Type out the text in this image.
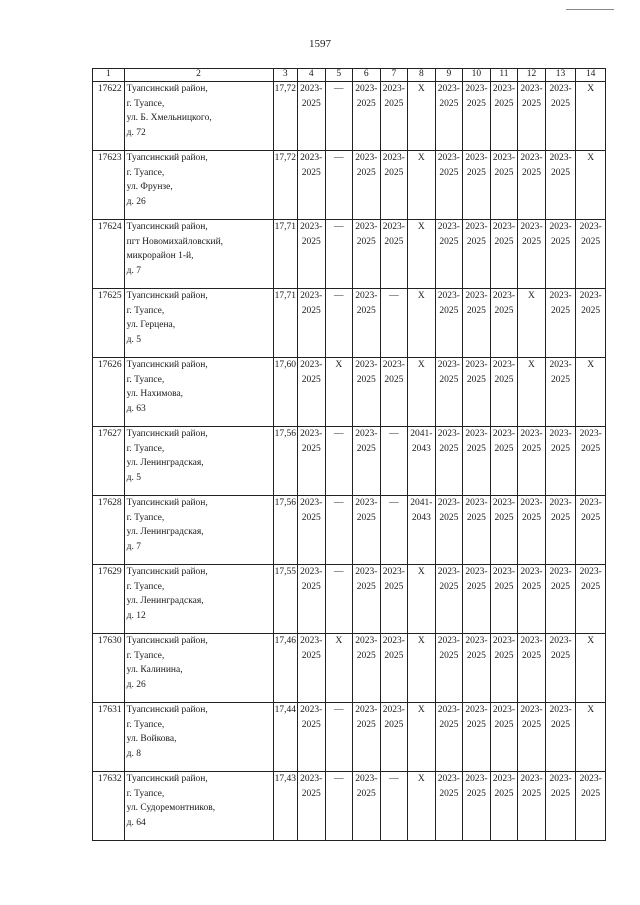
1597
1	2	3	4	5	6	7	8	9	10	11	12	13	14
17622	Туапсинский район,
г. Туапсе,
ул. Б. Хмельницкого,
д. 72	17,72	2023-
2025	—	2023-
2025	2023-
2025	Х	2023-
2025	2023-
2025	2023-
2025	2023-
2025	2023-
2025	Х

17623	Туапсинский район,
г. Туапсе,
ул. Фрунзе,
д. 26	17,72	2023-
2025	—	2023-
2025	2023-
2025	Х	2023-
2025	2023-
2025	2023-
2025	2023-
2025	2023-
2025	Х

17624	Туапсинский район,
пгт Новомихайловский,
микрорайон 1-й,
д. 7	17,71	2023-
2025	—	2023-
2025	2023-
2025	Х	2023-
2025	2023-
2025	2023-
2025	2023-
2025	2023-
2025	2023-
2025

17625	Туапсинский район,
г. Туапсе,
ул. Герцена,
д. 5	17,71	2023-
2025	—	2023-
2025	—	Х	2023-
2025	2023-
2025	2023-
2025	Х	2023-
2025	2023-
2025

17626	Туапсинский район,
г. Туапсе,
ул. Нахимова,
д. 63	17,60	2023-
2025	Х	2023-
2025	2023-
2025	Х	2023-
2025	2023-
2025	2023-
2025	Х	2023-
2025	Х

17627	Туапсинский район,
г. Туапсе,
ул. Ленинградская,
д. 5	17,56	2023-
2025	—	2023-
2025	—	2041-
2043	2023-
2025	2023-
2025	2023-
2025	2023-
2025	2023-
2025	2023-
2025

17628	Туапсинский район,
г. Туапсе,
ул. Ленинградская,
д. 7	17,56	2023-
2025	—	2023-
2025	—	2041-
2043	2023-
2025	2023-
2025	2023-
2025	2023-
2025	2023-
2025	2023-
2025

17629	Туапсинский район,
г. Туапсе,
ул. Ленинградская,
д. 12	17,55	2023-
2025	—	2023-
2025	2023-
2025	Х	2023-
2025	2023-
2025	2023-
2025	2023-
2025	2023-
2025	2023-
2025

17630	Туапсинский район,
г. Туапсе,
ул. Калинина,
д. 26	17,46	2023-
2025	Х	2023-
2025	2023-
2025	Х	2023-
2025	2023-
2025	2023-
2025	2023-
2025	2023-
2025	Х

17631	Туапсинский район,
г. Туапсе,
ул. Войкова,
д. 8	17,44	2023-
2025	—	2023-
2025	2023-
2025	Х	2023-
2025	2023-
2025	2023-
2025	2023-
2025	2023-
2025	Х

17632	Туапсинский район,
г. Туапсе,
ул. Судоремонтников,
д. 64	17,43	2023-
2025	—	2023-
2025	—	Х	2023-
2025	2023-
2025	2023-
2025	2023-
2025	2023-
2025	2023-
2025
